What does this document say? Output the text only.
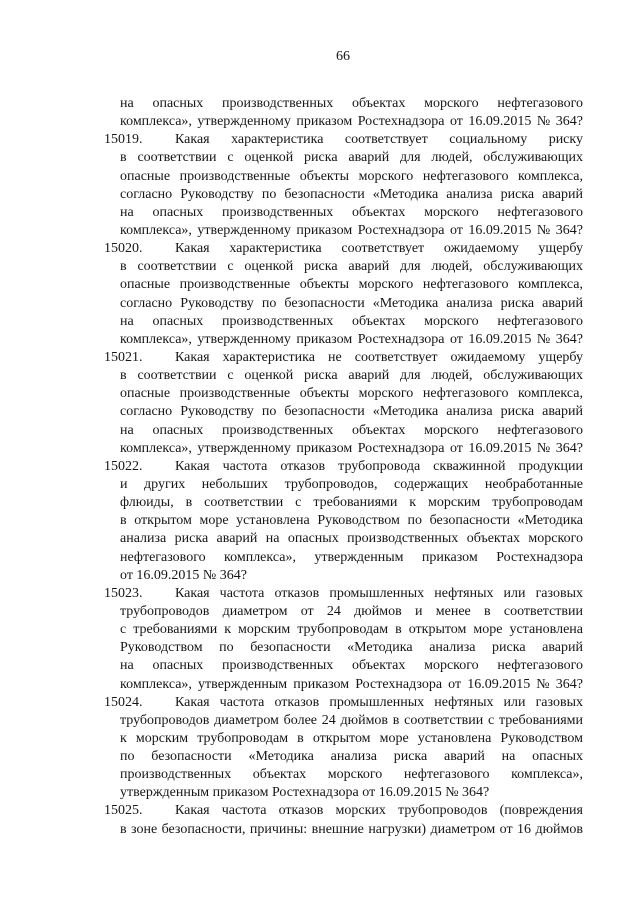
66
на опасных производственных объектах морского нефтегазового
комплекса», утвержденному приказом Ростехнадзора от 16.09.2015 № 364?
15019. Какая характеристика соответствует социальному риску
в соответствии с оценкой риска аварий для людей, обслуживающих
опасные производственные объекты морского нефтегазового комплекса,
согласно Руководству по безопасности «Методика анализа риска аварий
на опасных производственных объектах морского нефтегазового
комплекса», утвержденному приказом Ростехнадзора от 16.09.2015 № 364?
15020. Какая характеристика соответствует ожидаемому ущербу
в соответствии с оценкой риска аварий для людей, обслуживающих
опасные производственные объекты морского нефтегазового комплекса,
согласно Руководству по безопасности «Методика анализа риска аварий
на опасных производственных объектах морского нефтегазового
комплекса», утвержденному приказом Ростехнадзора от 16.09.2015 № 364?
15021. Какая характеристика не соответствует ожидаемому ущербу
в соответствии с оценкой риска аварий для людей, обслуживающих
опасные производственные объекты морского нефтегазового комплекса,
согласно Руководству по безопасности «Методика анализа риска аварий
на опасных производственных объектах морского нефтегазового
комплекса», утвержденному приказом Ростехнадзора от 16.09.2015 № 364?
15022. Какая частота отказов трубопровода скважинной продукции
и других небольших трубопроводов, содержащих необработанные
флюиды, в соответствии с требованиями к морским трубопроводам
в открытом море установлена Руководством по безопасности «Методика
анализа риска аварий на опасных производственных объектах морского
нефтегазового комплекса», утвержденным приказом Ростехнадзора
от 16.09.2015 № 364?
15023. Какая частота отказов промышленных нефтяных или газовых
трубопроводов диаметром от 24 дюймов и менее в соответствии
с требованиями к морским трубопроводам в открытом море установлена
Руководством по безопасности «Методика анализа риска аварий
на опасных производственных объектах морского нефтегазового
комплекса», утвержденным приказом Ростехнадзора от 16.09.2015 № 364?
15024. Какая частота отказов промышленных нефтяных или газовых
трубопроводов диаметром более 24 дюймов в соответствии с требованиями
к морским трубопроводам в открытом море установлена Руководством
по безопасности «Методика анализа риска аварий на опасных
производственных объектах морского нефтегазового комплекса»,
утвержденным приказом Ростехнадзора от 16.09.2015 № 364?
15025. Какая частота отказов морских трубопроводов (повреждения
в зоне безопасности, причины: внешние нагрузки) диаметром от 16 дюймов
